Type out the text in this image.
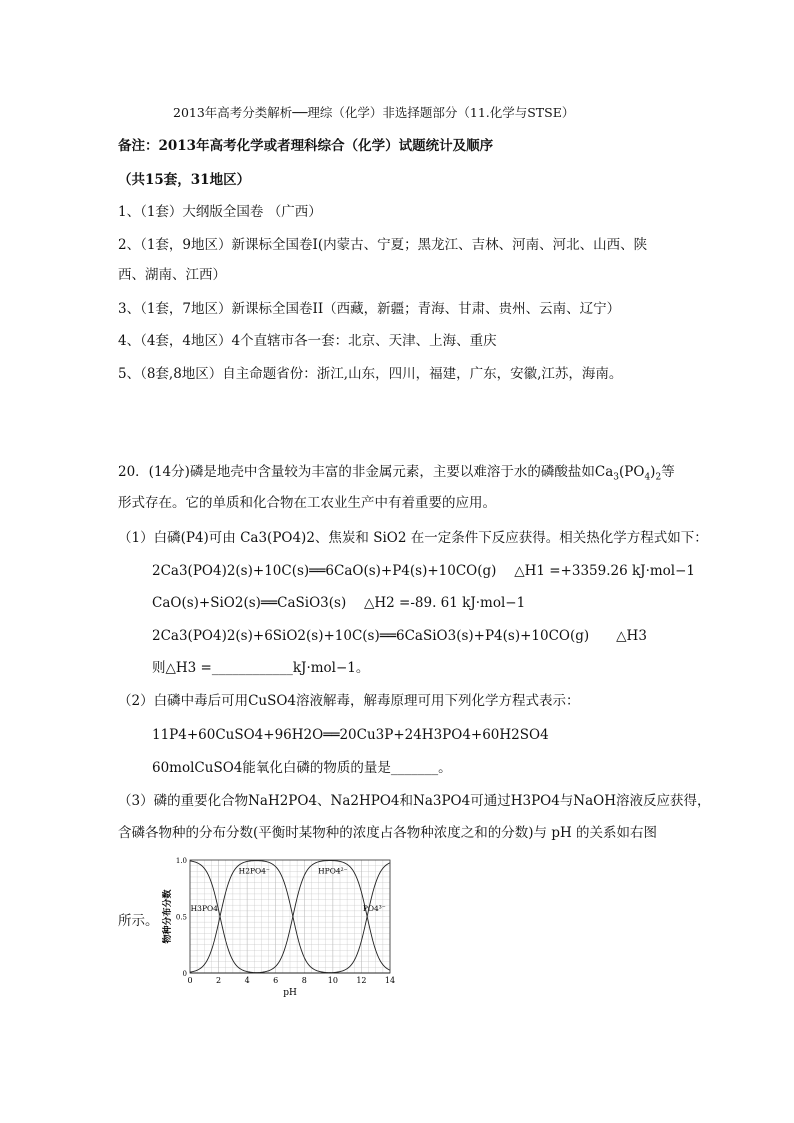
2013年高考分类解析──理综（化学）非选择题部分（11.化学与STSE）
备注：2013年高考化学或者理科综合（化学）试题统计及顺序
（共15套，31地区）
1、（1套）大纲版全国卷 （广西）
2、（1套，9地区）新课标全国卷I(内蒙古、宁夏；黑龙江、吉林、河南、河北、山西、陕
西、湖南、江西）
3、（1套，7地区）新课标全国卷II（西藏，新疆；青海、甘肃、贵州、云南、辽宁）
4、（4套，4地区）4个直辖市各一套：北京、天津、上海、重庆
5、（8套,8地区）自主命题省份：浙江,山东，四川，福建，广东，安徽,江苏，海南。
20．(14分)磷是地壳中含量较为丰富的非金属元素，主要以难溶于水的磷酸盐如$Ca_3(PO_4)_2$等
形式存在。它的单质和化合物在工农业生产中有着重要的应用。
（1）白磷(P4)可由 Ca3(PO4)2、焦炭和 SiO2 在一定条件下反应获得。相关热化学方程式如下：
2Ca3(PO4)2(s)+10C(s)══6CaO(s)+P4(s)+10CO(g)　 △H1 =+3359.26 kJ·mol−1
CaO(s)+SiO2(s)══CaSiO3(s)　 △H2 =-89. 61 kJ·mol−1
2Ca3(PO4)2(s)+6SiO2(s)+10C(s)══6CaSiO3(s)+P4(s)+10CO(g)　　△H3
则△H3 =____________kJ·mol−1。
（2）白磷中毒后可用CuSO4溶液解毒，解毒原理可用下列化学方程式表示：
11P4+60CuSO4+96H2O══20Cu3P+24H3PO4+60H2SO4
60molCuSO4能氧化白磷的物质的量是_______。
（3）磷的重要化合物NaH2PO4、Na2HPO4和Na3PO4可通过H3PO4与NaOH溶液反应获得，
含磷各物种的分布分数(平衡时某物种的浓度占各物种浓度之和的分数)与 pH 的关系如右图
所示。
0	2	4	6	8	10 12 14
0
0.5
1.0
H3PO4
H2PO4⁻	HPO4²⁻
PO4³⁻
物种分布分数
pH
